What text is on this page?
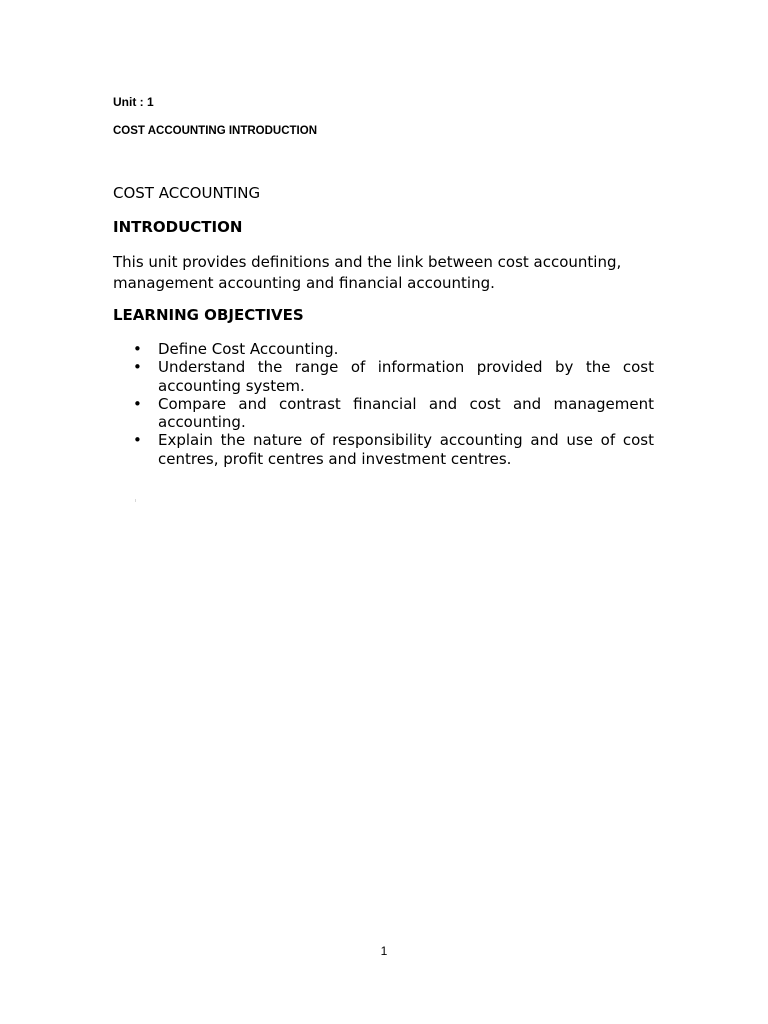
Unit : 1
COST ACCOUNTING INTRODUCTION
COST ACCOUNTING
INTRODUCTION
This unit provides definitions and the link between cost accounting, management accounting and financial accounting.
LEARNING OBJECTIVES
• Define Cost Accounting.
• Understand the range of information provided by the cost accounting system.
• Compare and contrast financial and cost and management accounting.
• Explain the nature of responsibility accounting and use of cost centres, profit centres and investment centres.
1
